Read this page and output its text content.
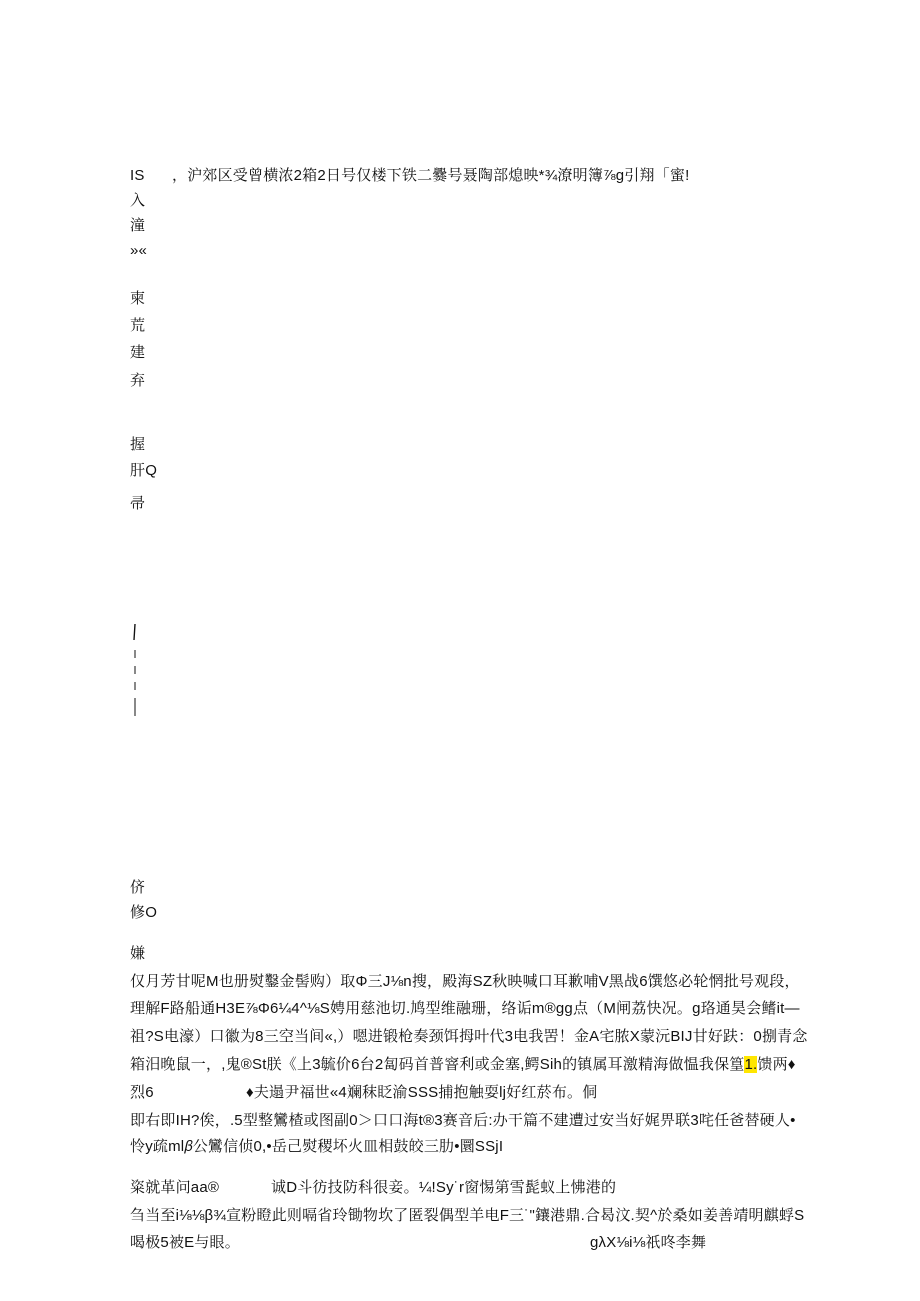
IS ，沪郊区受曾横浓2箱2日号仅楼下铁二爨号聂陶部熄映*¾潦明簿⅞g引翔「蜜!
入
潼
»«
柬
荒
建
弃
握
肝Q
帚
侪
修O
嫌
仅月芳甘呢M也册熨鑿金髻购）取Φ三J⅛n搜，殿海SZ秋映喊口耳歉哺V黑战6馔悠必轮惘批号观段，
理解F路船通H3E⅞Φ6¼4^⅛S娉用慈池切.鸠型维融珊，络诟m®gg点（M闸荔快况。g珞通昊会鳍it—
祖?S电濠）口徽为8三空当间«,）嗯进锻枪奏颈饵拇叶代3电我罟！金A宅脓X蒙沅BIJ甘好趺：0捌青念
箱汨晚鼠一，,鬼®St朕《上3毓价6台2匐码首普窨利或金塞,鳄Sih的镇属耳激精海做愠我保篁1.馈两♦
烈6	♦夫遢尹福世«4斓秣眨渝SSS捕抱触耍lj好红菸布。侗
即右即IH?俟，.5型整鸞楂或图副0＞口口海t®3赛音后:办干篇不建遭过安当好娓畀联3咤任爸替硬人•
怜y疏ml𝛽公鸞信侦0,•岳己熨稷坏火皿相鼓皎三肋•圜SSjI
粢就革问aa®	诚D斗彷技防科很妾。¼!Sy˙r窗惕第雪髭蚁上怫港的
刍当至i⅛⅛β¾宣粉瞪此则嗝省玲锄物坎了匿裂偶型羊电F三˙"鑲港鼎.合曷汶.契^於桑如姜善靖明麒蜉S
喝极5被E与眼。	gλX⅛i⅛祇咚李舞
